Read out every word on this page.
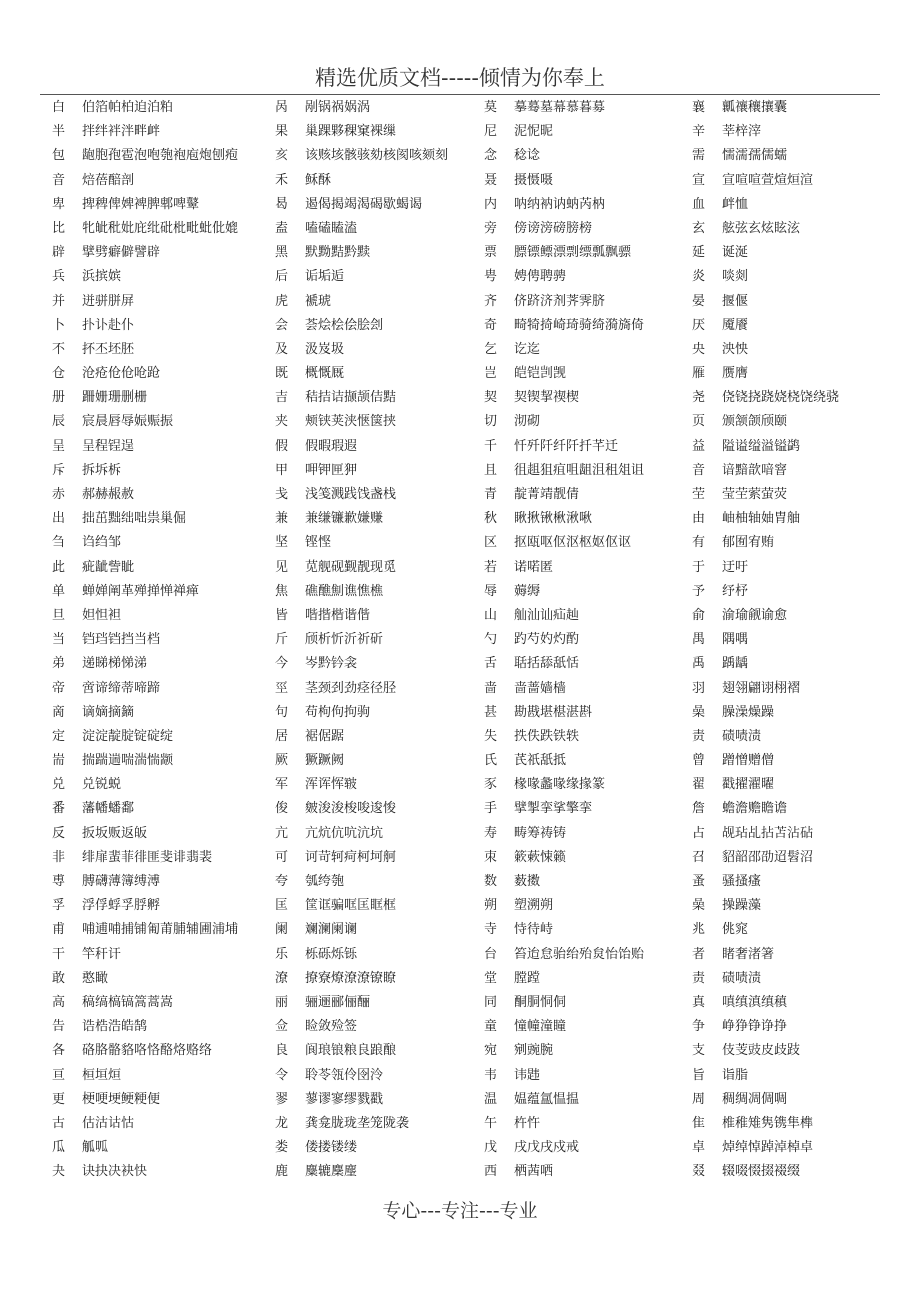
精选优质文档-----倾情为你奉上
白 伯箔帕柏迫泊粕	呙 剐锅祸娲涡	莫 摹蓦墓幕慕暮募	襄 瓤禳穰攘囊
半 拌绊袢泮畔衅	果 巢踝夥稞窠裸缫	尼 泥怩昵	辛 莘梓滓
包 龅胞孢雹泡咆匏袍庖炮刨疱	亥 该赅垓骸骇劾核阂咳颏刻	念 稔谂	需 懦濡孺儒蠕
音 焙蓓醅剖	禾 稣酥	聂 摄慑嗫	宣 宣喧喧萱煊烜渲
卑 捭稗俾婢裨脾郫啤鼙	曷 遏偈揭竭渴碣歇蝎谒	内 呐纳衲讷蚋芮枘	血 衅恤
比 牝皉秕妣庇纰砒枇毗蚍仳媲	盍 嗑磕瞌溘	旁 傍谤滂磅膀榜	玄 舷弦玄炫眩泫
辟 擘劈癖僻譬辟	黑 默黝黠黔黩	票 膘镖鳔漂剽缥瓢飘骠	延 诞涎
兵 浜摈嫔	后 诟垢逅	甹 娉俜聘骋	炎 啖剡
并 迸骈胼屏	虎 褫琥	齐 侪跻济剂荠霁脐	晏 揠偃
卜 扑讣赴仆	会 荟烩桧侩脍刽	奇 畸犄掎崎琦骑绮漪旖倚	厌 魇餍
不 抔丕坯胚	及 汲岌圾	乞 讫迄	央 泱怏
仓 沧疮伧伧呛跄	既 概慨厩	岂 皑铠剀觊	雁 赝膺
册 跚姗珊删栅	吉 秸拮诘撷颉佶黠	契 契锲挈禊楔	尧 侥铙挠跷娆桡饶绕骁
辰 宸晨唇辱娠赈振	夹 颊铗荚浃惬箧挟	切 沏砌	页 颁颔颌颀颐
呈 呈程锃逞	假 假暇瑕遐	千 忏歼阡纤阡扦芊迁	益 隘谥缢溢镒鹢
斥 拆坼柝	甲 呷钾匣狎	且 徂趄狙疽咀龃沮租俎诅	音 谙黯歆喑窨
赤 郝赫赧赦	戋 浅笺溅践饯盏栈	青 靛菁靖靓倩	茔 莹茔萦萤荧
出 拙茁黜绌咄祟巢倔	兼 兼缣镰歉嫌赚	秋 瞅揪锹楸湫啾	由 岫柚轴妯胄舳
刍 诌绉邹	坚 铿悭	区 抠瓯呕伛沤枢妪伛讴	有 郁囿宥贿
此 疵龇訾眦	见 苋舰砚觐靓现觅	若 诺喏匿	于 迂吁
单 蝉婵阐革殚掸惮禅瘅	焦 礁醮劁谯憔樵	辱 薅缛	予 纾杼
旦 妲怛袒	皆 喈揩楷谐偕	山 舢汕讪疝赸	俞 渝瑜觎谕愈
当 铛珰铛挡当档	斤 颀析忻沂祈斫	勺 趵芍妁灼酌	禺 隅喁
弟 递睇梯悌涕	今 岑黔钤衾	舌 聒括舔舐恬	禹 踽龋
帝 啻谛缔蒂啼蹄	巠 茎颈刭劲痉径胫	啬 啬蔷嫱樯	羽 翅翎翩诩栩褶
啇 谪嫡摘鏑	句 苟枸佝拘驹	甚 勘戡堪椹湛斟	喿 臊澡燥躁
定 淀淀靛腚锭碇绽	居 裾倨踞	失 抶佚跌铁轶	责 碛啧渍
耑 揣踹遄喘湍惴颛	厥 獗蹶阙	氏 芪祇舐抵	曾 蹭憎赠僧
兑 兑锐蜕	军 浑诨恽皲	豕 椽喙蠡喙缘掾篆	翟 戳擢濯曜
番 藩幡蟠鄱	俊 皴浚浚梭唆逡悛	手 擘掣挛挲擎挛	詹 蟾澹赡瞻谵
反 扳坂贩返皈	亢 亢炕伉吭沆坑	寿 畴筹祷铸	占 觇玷乩拈苫沾砧
非 绯扉蜚菲徘匪斐诽翡裴	可 诃苛轲疴柯坷舸	朿 簌蔌悚籁	召 貂韶邵劭迢髫沼
尃 膊礴薄簿缚溥	夸 瓠绔匏	数 薮擞	蚤 骚搔瘙
孚 浮俘蜉孚脬孵	匡 筐诓骗哐匡眶框	朔 塑溯朔	喿 操躁藻
甫 哺逋哺捕铺匍莆脯辅圃浦埔	阑 斓澜阑谰	寺 恃待峙	兆 佻窕
干 竿秆讦	乐 栎砾烁铄	台 笞迨怠骀绐殆炱怡饴贻	者 睹奢渚箸
敢 憨瞰	潦 撩寮燎潦潦镣瞭	堂 膛蹚	责 碛啧渍
高 稿缟槁镐篙蒿嵩	丽 骊逦郦俪酾	同 酮胴恫侗	真 嗔缜滇缜稹
告 诰梏浩皓鹄	佥 睑敛殓签	童 憧幢潼瞳	争 峥狰铮诤挣
各 硌胳骼貉咯恪酪烙赂络	良 阆琅锒粮良踉酿	宛 剜豌腕	支 伎芰豉皮歧跂
亘 桓垣烜	令 聆苓瓴伶囹泠	韦 讳韪	旨 诣脂
更 梗哽埂鲠粳便	翏 蓼谬寥缪戮戳	温 媪蕴氲愠揾	周 稠绸凋倜啁
古 估沽诂怙	龙 龚龛胧珑垄笼陇袭	午 杵忤	隹 椎稚雉隽镌隼榫
瓜 觚呱	娄 偻搂镂缕	戊 戌戊戌戍戒	卓 焯绰悼踔淖棹卓
夬 诀抉决袂快	鹿 麋辘麇麈	西 栖茜哂	叕 辍啜惙掇裰缀
专心---专注---专业
